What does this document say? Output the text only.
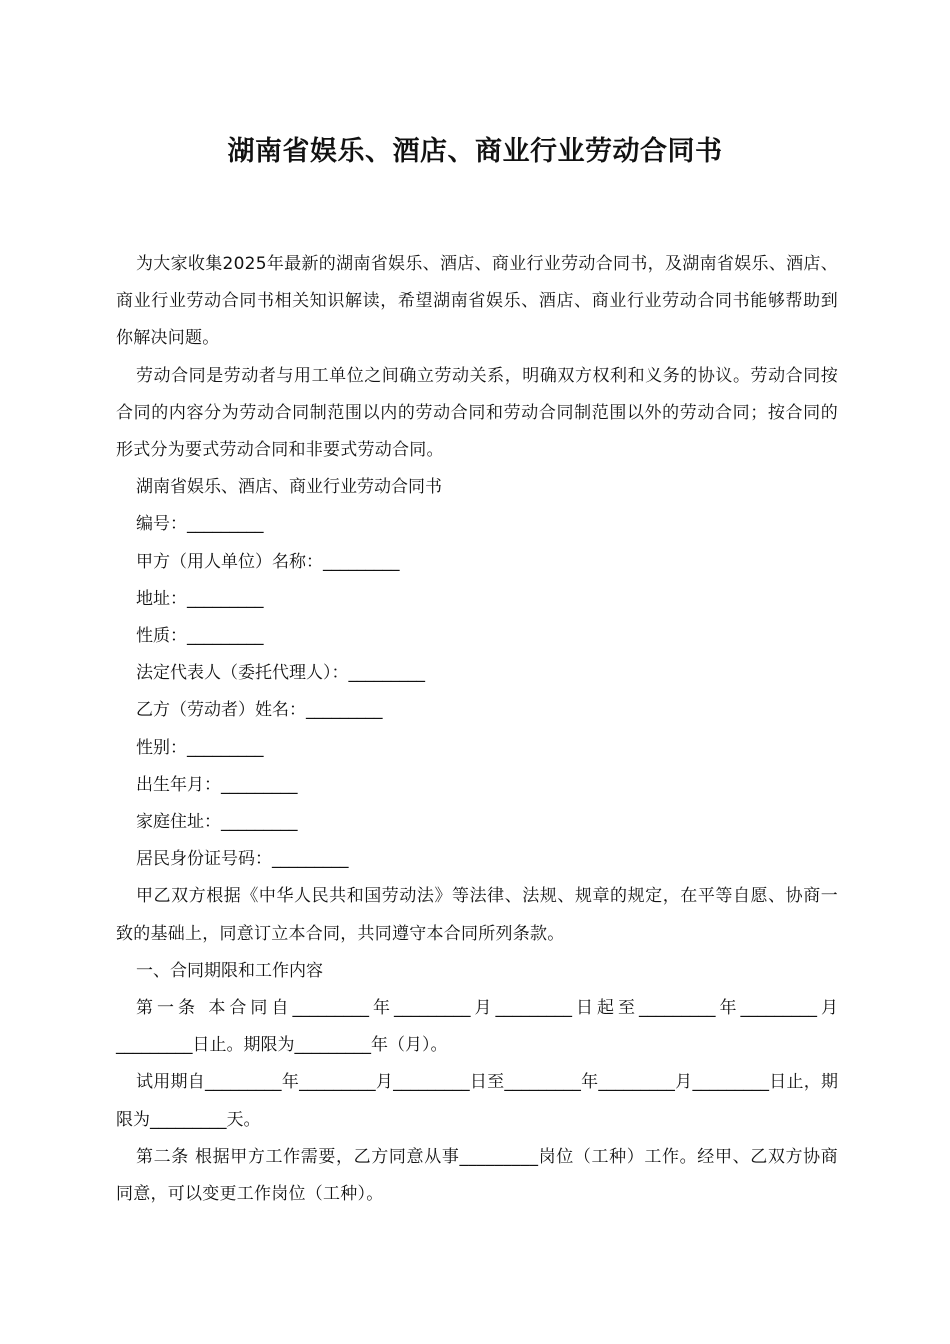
湖南省娱乐、酒店、商业行业劳动合同书

为大家收集2025年最新的湖南省娱乐、酒店、商业行业劳动合同书，及湖南省娱乐、酒店、商业行业劳动合同书相关知识解读，希望湖南省娱乐、酒店、商业行业劳动合同书能够帮助到你解决问题。

劳动合同是劳动者与用工单位之间确立劳动关系，明确双方权利和义务的协议。劳动合同按合同的内容分为劳动合同制范围以内的劳动合同和劳动合同制范围以外的劳动合同；按合同的形式分为要式劳动合同和非要式劳动合同。

湖南省娱乐、酒店、商业行业劳动合同书

编号：_________

甲方（用人单位）名称：_________

地址：_________

性质：_________

法定代表人（委托代理人）：_________

乙方（劳动者）姓名：_________

性别：_________

出生年月：_________

家庭住址：_________

居民身份证号码：_________

甲乙双方根据《中华人民共和国劳动法》等法律、法规、规章的规定，在平等自愿、协商一致的基础上，同意订立本合同，共同遵守本合同所列条款。

一、合同期限和工作内容

第一条 本合同自_________年_________月_________日起至_________年_________月_________日止。期限为_________年（月）。

试用期自_________年_________月_________日至_________年_________月_________日止，期限为_________天。

第二条 根据甲方工作需要，乙方同意从事_________岗位（工种）工作。经甲、乙双方协商同意，可以变更工作岗位（工种）。
